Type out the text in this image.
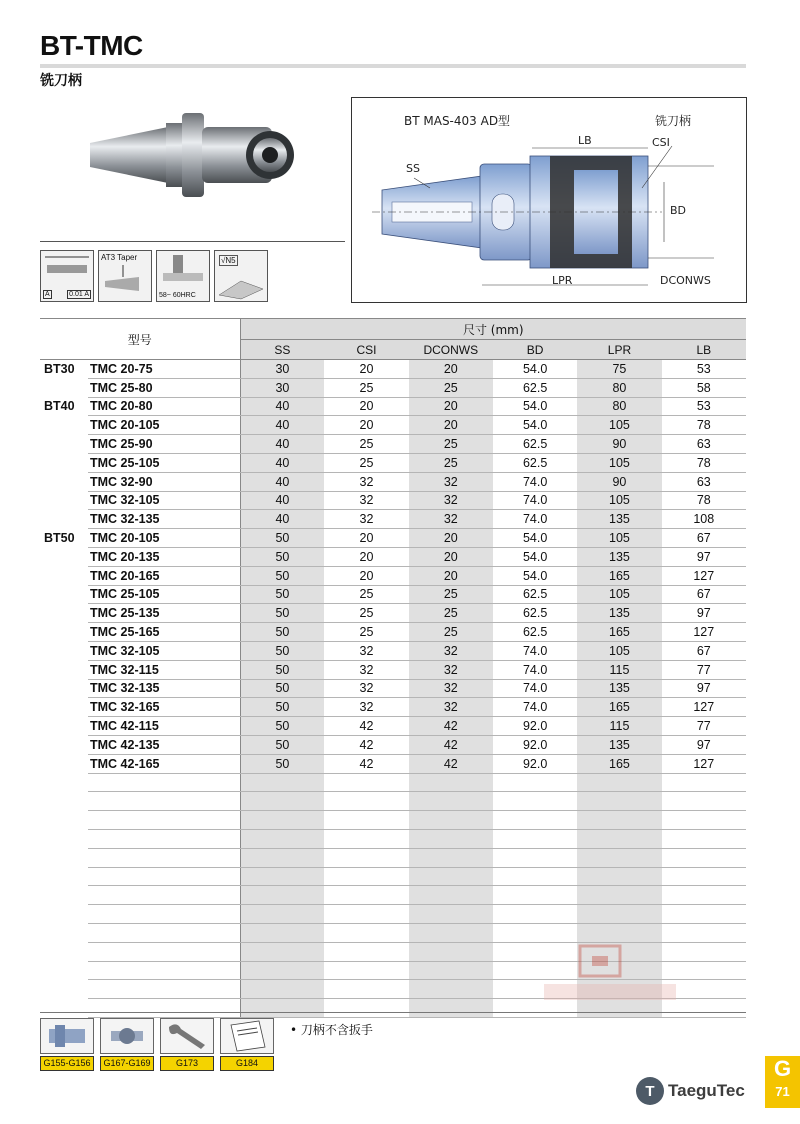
BT-TMC
铣刀柄
A	0.01 A
AT3 Taper
58~ 60HRC
√N5
BT MAS-403 AD型	铣刀柄
SS
LB	CSI
BD
LPR	DCONWS
型号		尺寸 (mm)					
		SS	CSI	DCONWS	BD	LPR	LB
BT30	TMC 20-75	30	20	20	54.0	75	53
	TMC 25-80	30	25	25	62.5	80	58
BT40	TMC 20-80	40	20	20	54.0	80	53
	TMC 20-105	40	20	20	54.0	105	78
	TMC 25-90	40	25	25	62.5	90	63
	TMC 25-105	40	25	25	62.5	105	78
	TMC 32-90	40	32	32	74.0	90	63
	TMC 32-105	40	32	32	74.0	105	78
	TMC 32-135	40	32	32	74.0	135	108
BT50	TMC 20-105	50	20	20	54.0	105	67
	TMC 20-135	50	20	20	54.0	135	97
	TMC 20-165	50	20	20	54.0	165	127
	TMC 25-105	50	25	25	62.5	105	67
	TMC 25-135	50	25	25	62.5	135	97
	TMC 25-165	50	25	25	62.5	165	127
	TMC 32-105	50	32	32	74.0	105	67
	TMC 32-115	50	32	32	74.0	115	77
	TMC 32-135	50	32	32	74.0	135	97
	TMC 32-165	50	32	32	74.0	165	127
	TMC 42-115	50	42	42	92.0	115	77
	TMC 42-135	50	42	42	92.0	135	97
	TMC 42-165	50	42	42	92.0	165	127

G155-G156	G167-G169	G173	G184
• 刀柄不含扳手
T TaeguTec
G
71
